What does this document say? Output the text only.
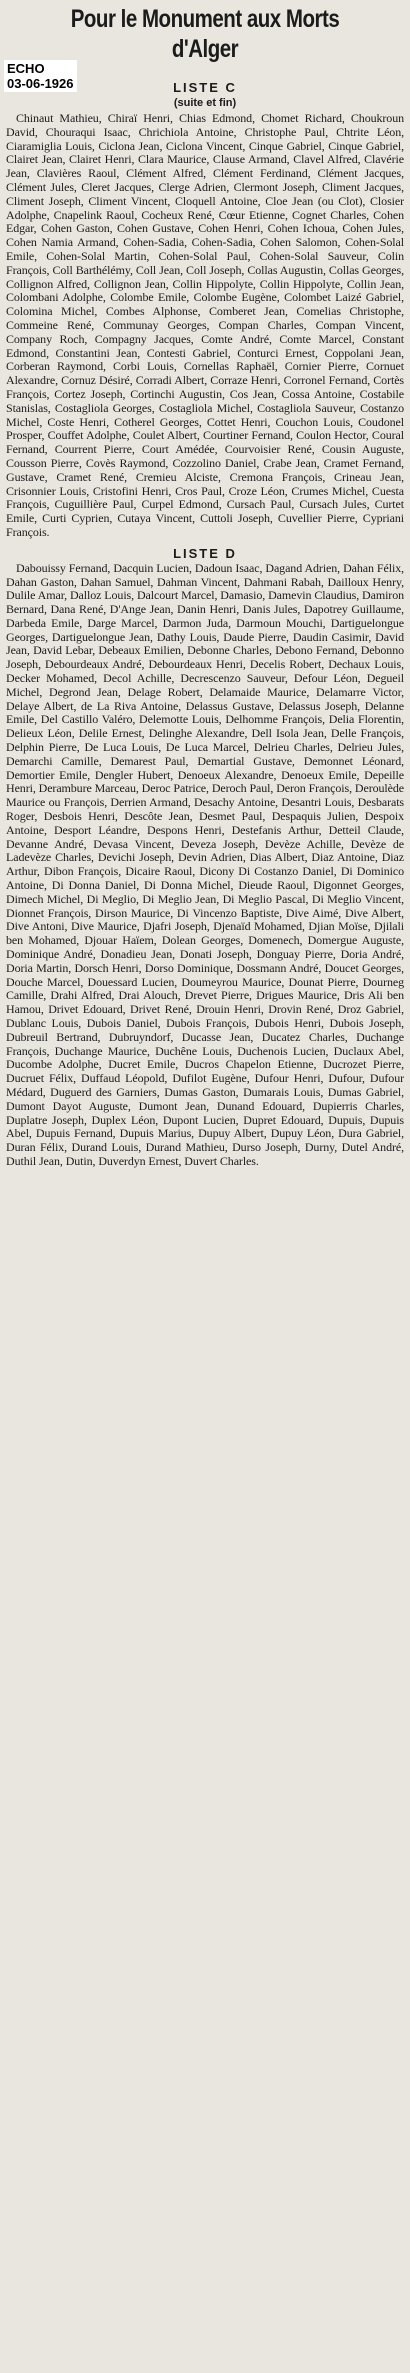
Pour le Monument aux Morts
d'Alger
ECHO
03-06-1926	LISTE C
(suite et fin)

Chinaut Mathieu, Chiraï Henri, Chias Edmond, Chomet Richard, Choukroun David, Chouraqui Isaac, Chrichiola Antoine, Christophe Paul, Chtrite Léon, Ciaramiglia Louis, Ciclona Jean, Ciclona Vincent, Cinque Gabriel, Cinque Gabriel, Clairet Jean, Clairet Henri, Clara Maurice, Clause Armand, Clavel Alfred, Clavérie Jean, Clavières Raoul, Clément Alfred, Clément Ferdinand, Clément Jacques, Clément Jules, Cleret Jacques, Clerge Adrien, Clermont Joseph, Climent Jacques, Climent Joseph, Climent Vincent, Cloquell Antoine, Cloe Jean (ou Clot), Closier Adolphe, Cnapelink Raoul, Cocheux René, Cœur Etienne, Cognet Charles, Cohen Edgar, Cohen Gaston, Cohen Gustave, Cohen Henri, Cohen Ichoua, Cohen Jules, Cohen Namia Armand, Cohen-Sadia, Cohen-Sadia, Cohen Salomon, Cohen-Solal Emile, Cohen-Solal Martin, Cohen-Solal Paul, Cohen-Solal Sauveur, Colin François, Coll Barthélémy, Coll Jean, Coll Joseph, Collas Augustin, Collas Georges, Collignon Alfred, Collignon Jean, Collin Hippolyte, Collin Hippolyte, Collin Jean, Colombani Adolphe, Colombe Emile, Colombe Eugène, Colombet Laizé Gabriel, Colomina Michel, Combes Alphonse, Comberet Jean, Comelias Christophe, Commeine René, Communay Georges, Compan Charles, Compan Vincent, Company Roch, Compagny Jacques, Comte André, Comte Marcel, Constant Edmond, Constantini Jean, Contesti Gabriel, Conturci Ernest, Coppolani Jean, Corberan Raymond, Corbi Louis, Cornellas Raphaël, Cornier Pierre, Cornuet Alexandre, Cornuz Désiré, Corradi Albert, Corraze Henri, Corronel Fernand, Cortès François, Cortez Joseph, Cortinchi Augustin, Cos Jean, Cossa Antoine, Costabile Stanislas, Costagliola Georges, Costagliola Michel, Costagliola Sauveur, Costanzo Michel, Coste Henri, Cotherel Georges, Cottet Henri, Couchon Louis, Coudonel Prosper, Couffet Adolphe, Coulet Albert, Courtiner Fernand, Coulon Hector, Coural Fernand, Courrent Pierre, Court Amédée, Courvoisier René, Cousin Auguste, Cousson Pierre, Covès Raymond, Cozzolino Daniel, Crabe Jean, Cramet Fernand, Gustave, Cramet René, Cremieu Alciste, Cremona François, Crineau Jean, Crisonnier Louis, Cristofini Henri, Cros Paul, Croze Léon, Crumes Michel, Cuesta François, Cuguillière Paul, Curpel Edmond, Cursach Paul, Cursach Jules, Curtet Emile, Curti Cyprien, Cutaya Vincent, Cuttoli Joseph, Cuvellier Pierre, Cypriani François.

LISTE D

Dabouissy Fernand, Dacquin Lucien, Dadoun Isaac, Dagand Adrien, Dahan Félix, Dahan Gaston, Dahan Samuel, Dahman Vincent, Dahmani Rabah, Dailloux Henry, Dulile Amar, Dalloz Louis, Dalcourt Marcel, Damasio, Damevin Claudius, Damiron Bernard, Dana René, D'Ange Jean, Danin Henri, Danis Jules, Dapotrey Guillaume, Darbeda Emile, Darge Marcel, Darmon Juda, Darmoun Mouchi, Dartiguelongue Georges, Dartiguelongue Jean, Dathy Louis, Daude Pierre, Daudin Casimir, David Jean, David Lebar, Debeaux Emilien, Debonne Charles, Debono Fernand, Debonno Joseph, Debourdeaux André, Debourdeaux Henri, Decelis Robert, Dechaux Louis, Decker Mohamed, Decol Achille, Decrescenzo Sauveur, Defour Léon, Degueil Michel, Degrond Jean, Delage Robert, Delamaide Maurice, Delamarre Victor, Delaye Albert, de La Riva Antoine, Delassus Gustave, Delassus Joseph, Delanne Emile, Del Castillo Valéro, Delemotte Louis, Delhomme François, Delia Florentin, Delieux Léon, Delile Ernest, Delinghe Alexandre, Dell Isola Jean, Delle François, Delphin Pierre, De Luca Louis, De Luca Marcel, Delrieu Charles, Delrieu Jules, Demarchi Camille, Demarest Paul, Demartial Gustave, Demonnet Léonard, Demortier Emile, Dengler Hubert, Denoeux Alexandre, Denoeux Emile, Depeille Henri, Derambure Marceau, Deroc Patrice, Deroch Paul, Deron François, Deroulède Maurice ou François, Derrien Armand, Desachy Antoine, Desantri Louis, Desbarats Roger, Desbois Henri, Descôte Jean, Desmet Paul, Despaquis Julien, Despoix Antoine, Desport Léandre, Despons Henri, Destefanis Arthur, Detteil Claude, Devanne André, Devasa Vincent, Deveza Joseph, Devèze Achille, Devèze de Ladevèze Charles, Devichi Joseph, Devin Adrien, Dias Albert, Diaz Antoine, Diaz Arthur, Dibon François, Dicaire Raoul, Dicony Di Costanzo Daniel, Di Dominico Antoine, Di Donna Daniel, Di Donna Michel, Dieude Raoul, Digonnet Georges, Dimech Michel, Di Meglio, Di Meglio Jean, Di Meglio Pascal, Di Meglio Vincent, Dionnet François, Dirson Maurice, Di Vincenzo Baptiste, Dive Aimé, Dive Albert, Dive Antoni, Dive Maurice, Djafri Joseph, Djenaïd Mohamed, Djian Moïse, Djilali ben Mohamed, Djouar Haïem, Dolean Georges, Domenech, Domergue Auguste, Dominique André, Donadieu Jean, Donati Joseph, Donguay Pierre, Doria André, Doria Martin, Dorsch Henri, Dorso Dominique, Dossmann André, Doucet Georges, Douche Marcel, Douessard Lucien, Doumeyrou Maurice, Dounat Pierre, Dourneg Camille, Drahi Alfred, Drai Alouch, Drevet Pierre, Drigues Maurice, Dris Ali ben Hamou, Drivet Edouard, Drivet René, Drouin Henri, Drovin René, Droz Gabriel, Dublanc Louis, Dubois Daniel, Dubois François, Dubois Henri, Dubois Joseph, Dubreuil Bertrand, Dubruyndorf, Ducasse Jean, Ducatez Charles, Duchange François, Duchange Maurice, Duchêne Louis, Duchenois Lucien, Duclaux Abel, Ducombe Adolphe, Ducret Emile, Ducros Chapelon Etienne, Ducrozet Pierre, Ducruet Félix, Duffaud Léopold, Dufilot Eugène, Dufour Henri, Dufour, Dufour Médard, Duguerd des Garniers, Dumas Gaston, Dumarais Louis, Dumas Gabriel, Dumont Dayot Auguste, Dumont Jean, Dunand Edouard, Dupierris Charles, Duplatre Joseph, Duplex Léon, Dupont Lucien, Dupret Edouard, Dupuis, Dupuis Abel, Dupuis Fernand, Dupuis Marius, Dupuy Albert, Dupuy Léon, Dura Gabriel, Duran Félix, Durand Louis, Durand Mathieu, Durso Joseph, Durny, Dutel André, Duthil Jean, Dutin, Duverdyn Ernest, Duvert Charles.
